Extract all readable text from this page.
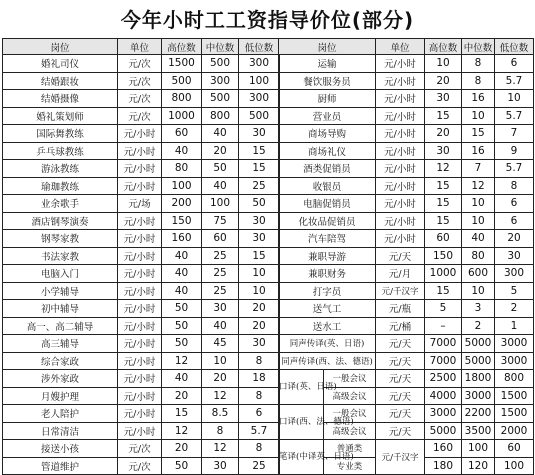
今年小时工工资指导价位(部分)
岗位	单位	高位数	中位数	低位数
婚礼司仪	元/次	1500	500	300
结婚跟妆	元/次	500	300	100
结婚摄像	元/次	800	500	300
婚礼策划师	元/次	1000	800	500
国际舞教练	元/小时	60	40	30
乒乓球教练	元/小时	40	20	15
游泳教练	元/小时	80	50	15
瑜珈教练	元/小时	100	40	25
业余歌手	元/场	200	100	50
酒店钢琴演奏	元/小时	150	75	30
钢琴家教	元/小时	160	60	30
书法家教	元/小时	40	25	15
电脑入门	元/小时	40	25	10
小学辅导	元/小时	40	25	10
初中辅导	元/小时	50	30	20
高一、高二辅导	元/小时	50	40	20
高三辅导	元/小时	50	45	30
综合家政	元/小时	12	10	8
涉外家政	元/小时	40	20	18
月嫂护理	元/小时	20	12	8
老人陪护	元/小时	15	8.5	6
日常清洁	元/小时	12	8	5.7
接送小孩	元/次	20	12	8
管道维护	元/次	50	30	25
岗位		单位	高位数	中位数	低位数
运输		元/小时	10	8	6
餐饮服务员		元/小时	20	8	5.7
厨师		元/小时	30	16	10
营业员		元/小时	15	10	5.7
商场导购		元/小时	20	15	7
商场礼仪		元/小时	30	16	9
酒类促销员		元/小时	12	7	5.7
收银员		元/小时	15	12	8
电脑促销员		元/小时	15	10	6
化妆品促销员		元/小时	15	10	6
汽车陪驾		元/小时	60	40	20
兼职导游		元/天	150	80	30
兼职财务		元/月	1000	600	300
打字员		元/千汉字	15	10	5
送气工		元/瓶	5	3	2
送水工		元/桶	–	2	1
同声传译(英、日语)		元/天	7000	5000	3000
同声传译(西、法、德语)		元/天	7000	5000	3000
口译(英、日语)	一般会议	元/天	2500	1800	800
	高级会议	元/天	4000	3000	1500
口译(西、法、德语)	一般会议	元/天	3000	2200	1500
	高级会议	元/天	5000	3500	2000
笔译(中译英、日语)	普通类	元/千汉字	160	100	60
	专业类		180	120	100
